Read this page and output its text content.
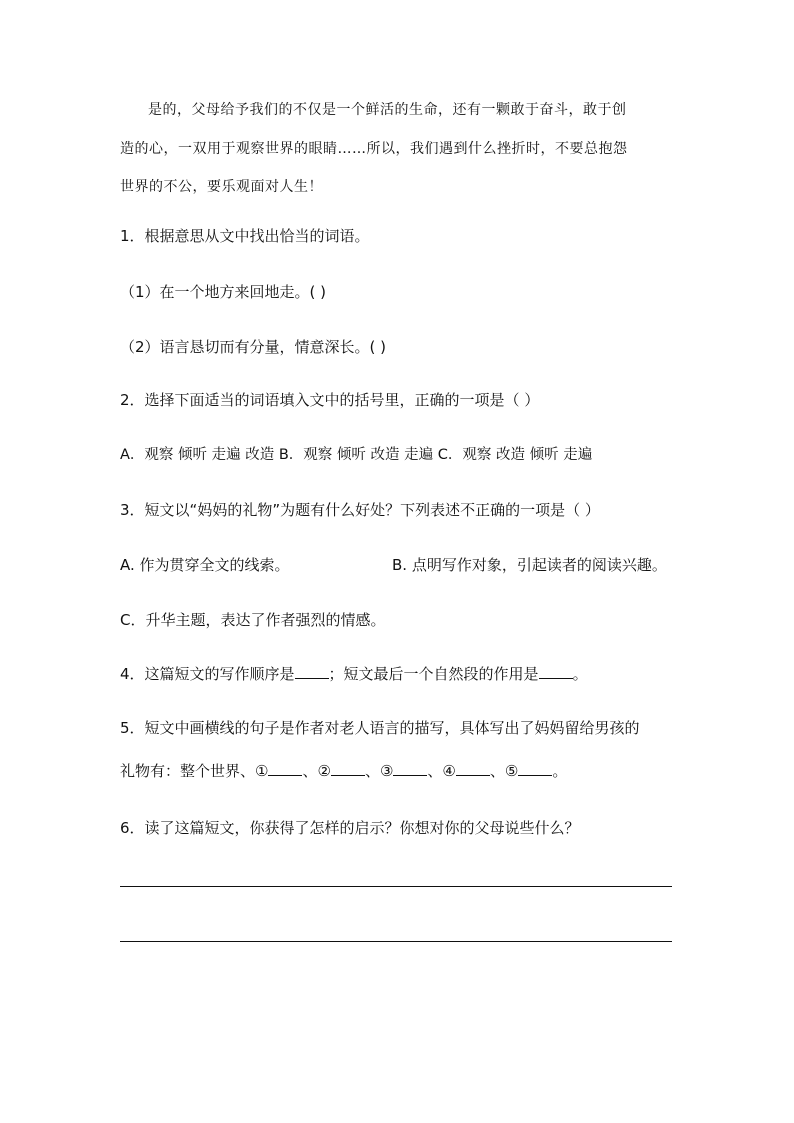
是的，父母给予我们的不仅是一个鲜活的生命，还有一颗敢于奋斗，敢于创
造的心，一双用于观察世界的眼睛……所以，我们遇到什么挫折时，不要总抱怨
世界的不公，要乐观面对人生！
1．根据意思从文中找出恰当的词语。
（1）在一个地方来回地走。( )
（2）语言恳切而有分量，情意深长。( )
2．选择下面适当的词语填入文中的括号里，正确的一项是（ ）
A．观察 倾听 走遍 改造 B．观察 倾听 改造 走遍 C．观察 改造 倾听 走遍
3．短文以“妈妈的礼物”为题有什么好处？下列表述不正确的一项是（ ）
A. 作为贯穿全文的线索。	B. 点明写作对象，引起读者的阅读兴趣。
C．升华主题，表达了作者强烈的情感。
4．这篇短文的写作顺序是 ；短文最后一个自然段的作用是 。
5．短文中画横线的句子是作者对老人语言的描写，具体写出了妈妈留给男孩的
礼物有：整个世界、① 、② 、③ 、④ 、⑤ 。
6．读了这篇短文，你获得了怎样的启示？你想对你的父母说些什么？
